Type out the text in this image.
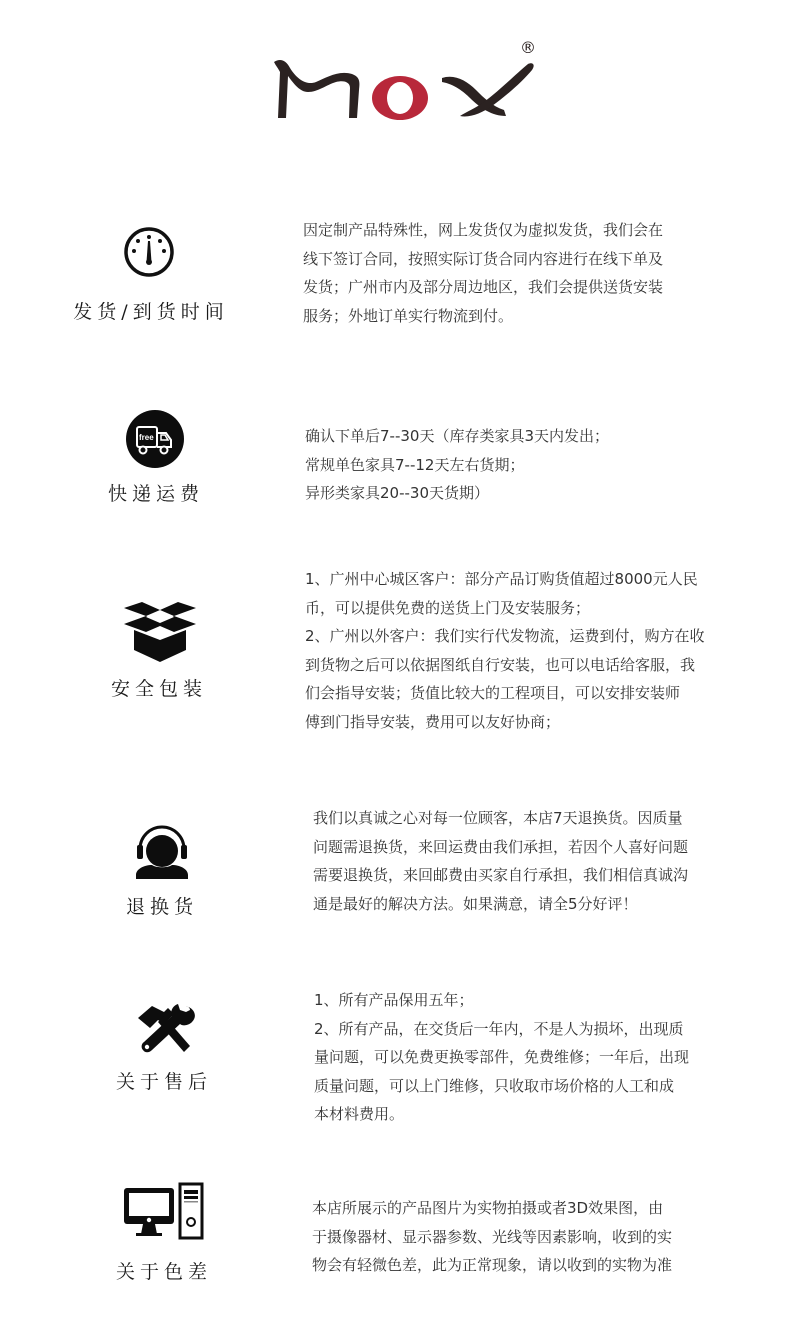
®
发货/到货时间

因定制产品特殊性，网上发货仅为虚拟发货，我们会在

线下签订合同，按照实际订货合同内容进行在线下单及

发货；广州市内及部分周边地区，我们会提供送货安装

服务；外地订单实行物流到付。

free
快递运费

确认下单后7--30天（库存类家具3天内发出；

常规单色家具7--12天左右货期；

异形类家具20--30天货期）

安全包装

1、广州中心城区客户：部分产品订购货值超过8000元人民

币，可以提供免费的送货上门及安装服务；

2、广州以外客户：我们实行代发物流，运费到付，购方在收

到货物之后可以依据图纸自行安装，也可以电话给客服，我

们会指导安装；货值比较大的工程项目，可以安排安装师

傅到门指导安装，费用可以友好协商；

退换货

我们以真诚之心对每一位顾客，本店7天退换货。因质量

问题需退换货，来回运费由我们承担，若因个人喜好问题

需要退换货，来回邮费由买家自行承担，我们相信真诚沟

通是最好的解决方法。如果满意，请全5分好评！

关于售后

1、所有产品保用五年；

2、所有产品，在交货后一年内，不是人为损坏，出现质

量问题，可以免费更换零部件，免费维修；一年后，出现

质量问题，可以上门维修，只收取市场价格的人工和成

本材料费用。

关于色差

本店所展示的产品图片为实物拍摄或者3D效果图，由

于摄像器材、显示器参数、光线等因素影响，收到的实

物会有轻微色差，此为正常现象，请以收到的实物为准
